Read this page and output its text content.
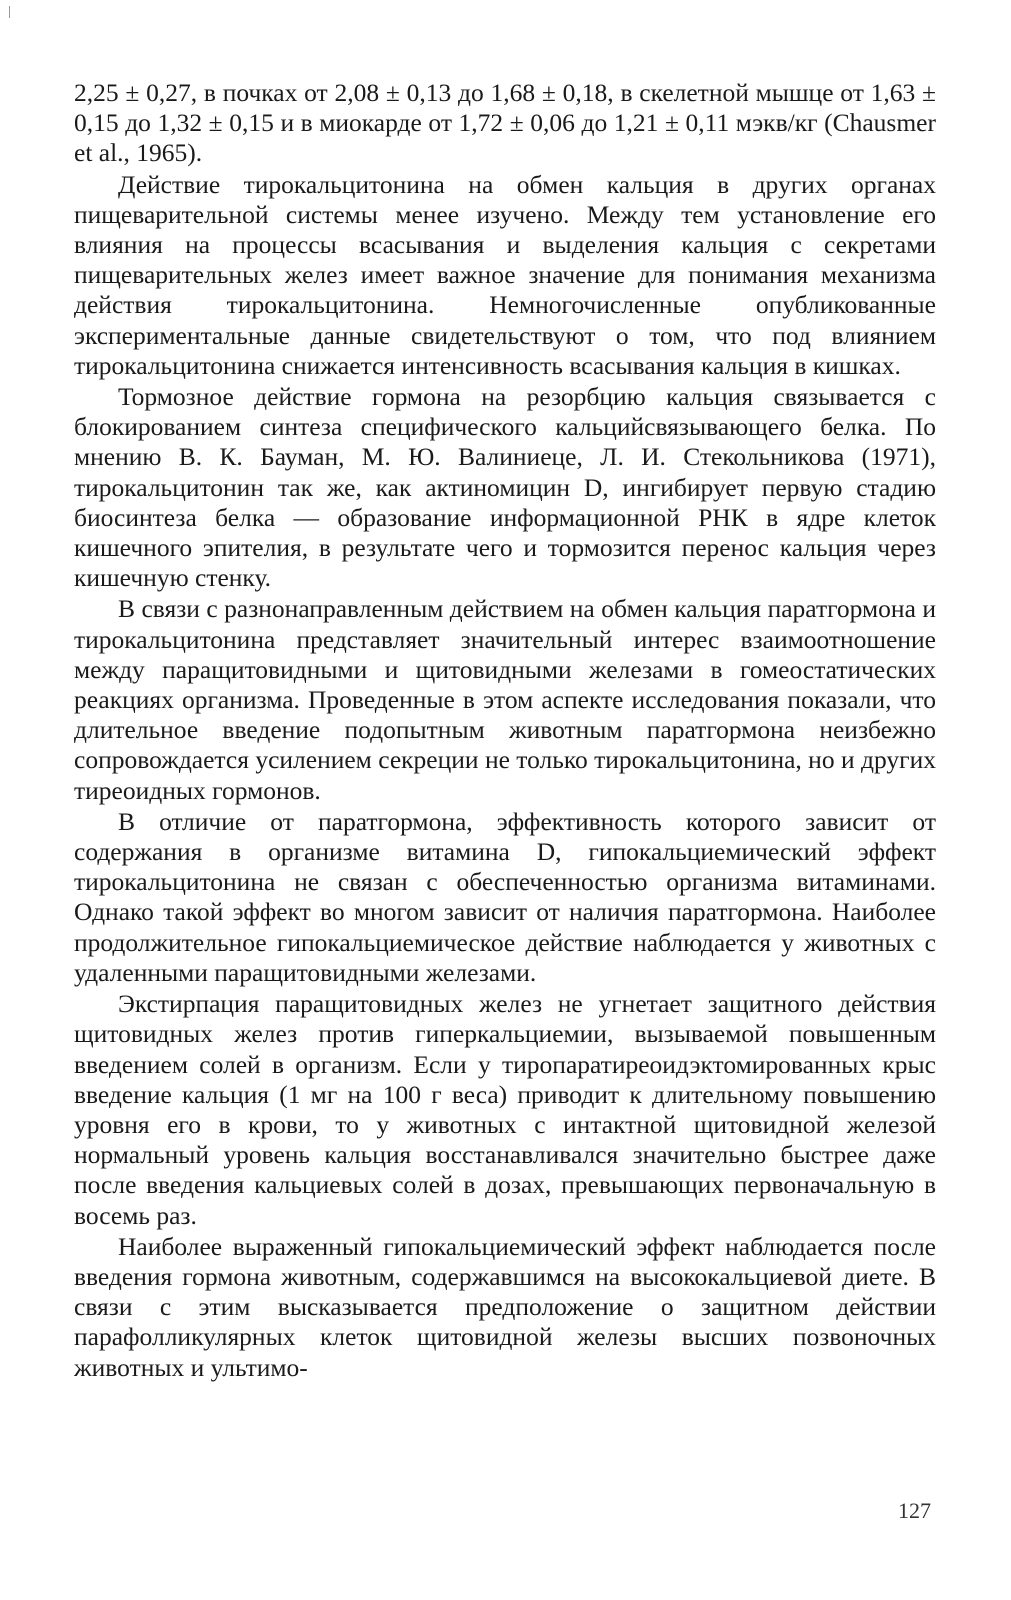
2,25 ± 0,27, в почках от 2,08 ± 0,13 до 1,68 ± 0,18, в скелетной мышце от 1,63 ± 0,15 до 1,32 ± 0,15 и в миокарде от 1,72 ± 0,06 до 1,21 ± 0,11 мэкв/кг (Chausmer et al., 1965).

Действие тирокальцитонина на обмен кальция в других органах пищеварительной системы менее изучено. Между тем установление его влияния на процессы всасывания и выделения кальция с секретами пищеварительных желез имеет важное значение для понимания механизма действия тирокальцитонина. Немногочисленные опубликованные экспериментальные данные свидетельствуют о том, что под влиянием тирокальцитонина снижается интенсивность всасывания кальция в кишках.

Тормозное действие гормона на резорбцию кальция связывается с блокированием синтеза специфического кальцийсвязывающего белка. По мнению В. К. Бауман, М. Ю. Валиниеце, Л. И. Стекольникова (1971), тирокальцитонин так же, как актиномицин D, ингибирует первую стадию биосинтеза белка — образование информационной РНК в ядре клеток кишечного эпителия, в результате чего и тормозится перенос кальция через кишечную стенку.

В связи с разнонаправленным действием на обмен кальция паратгормона и тирокальцитонина представляет значительный интерес взаимоотношение между паращитовидными и щитовидными железами в гомеостатических реакциях организма. Проведенные в этом аспекте исследования показали, что длительное введение подопытным животным паратгормона неизбежно сопровождается усилением секреции не только тирокальцитонина, но и других тиреоидных гормонов.

В отличие от паратгормона, эффективность которого зависит от содержания в организме витамина D, гипокальциемический эффект тирокальцитонина не связан с обеспеченностью организма витаминами. Однако такой эффект во многом зависит от наличия паратгормона. Наиболее продолжительное гипокальциемическое действие наблюдается у животных с удаленными паращитовидными железами.

Экстирпация паращитовидных желез не угнетает защитного действия щитовидных желез против гиперкальциемии, вызываемой повышенным введением солей в организм. Если у тиропаратиреоидэктомированных крыс введение кальция (1 мг на 100 г веса) приводит к длительному повышению уровня его в крови, то у животных с интактной щитовидной железой нормальный уровень кальция восстанавливался значительно быстрее даже после введения кальциевых солей в дозах, превышающих первоначальную в восемь раз.

Наиболее выраженный гипокальциемический эффект наблюдается после введения гормона животным, содержавшимся на высококальциевой диете. В связи с этим высказывается предположение о защитном действии парафолликулярных клеток щитовидной железы высших позвоночных животных и ультимо-

127
